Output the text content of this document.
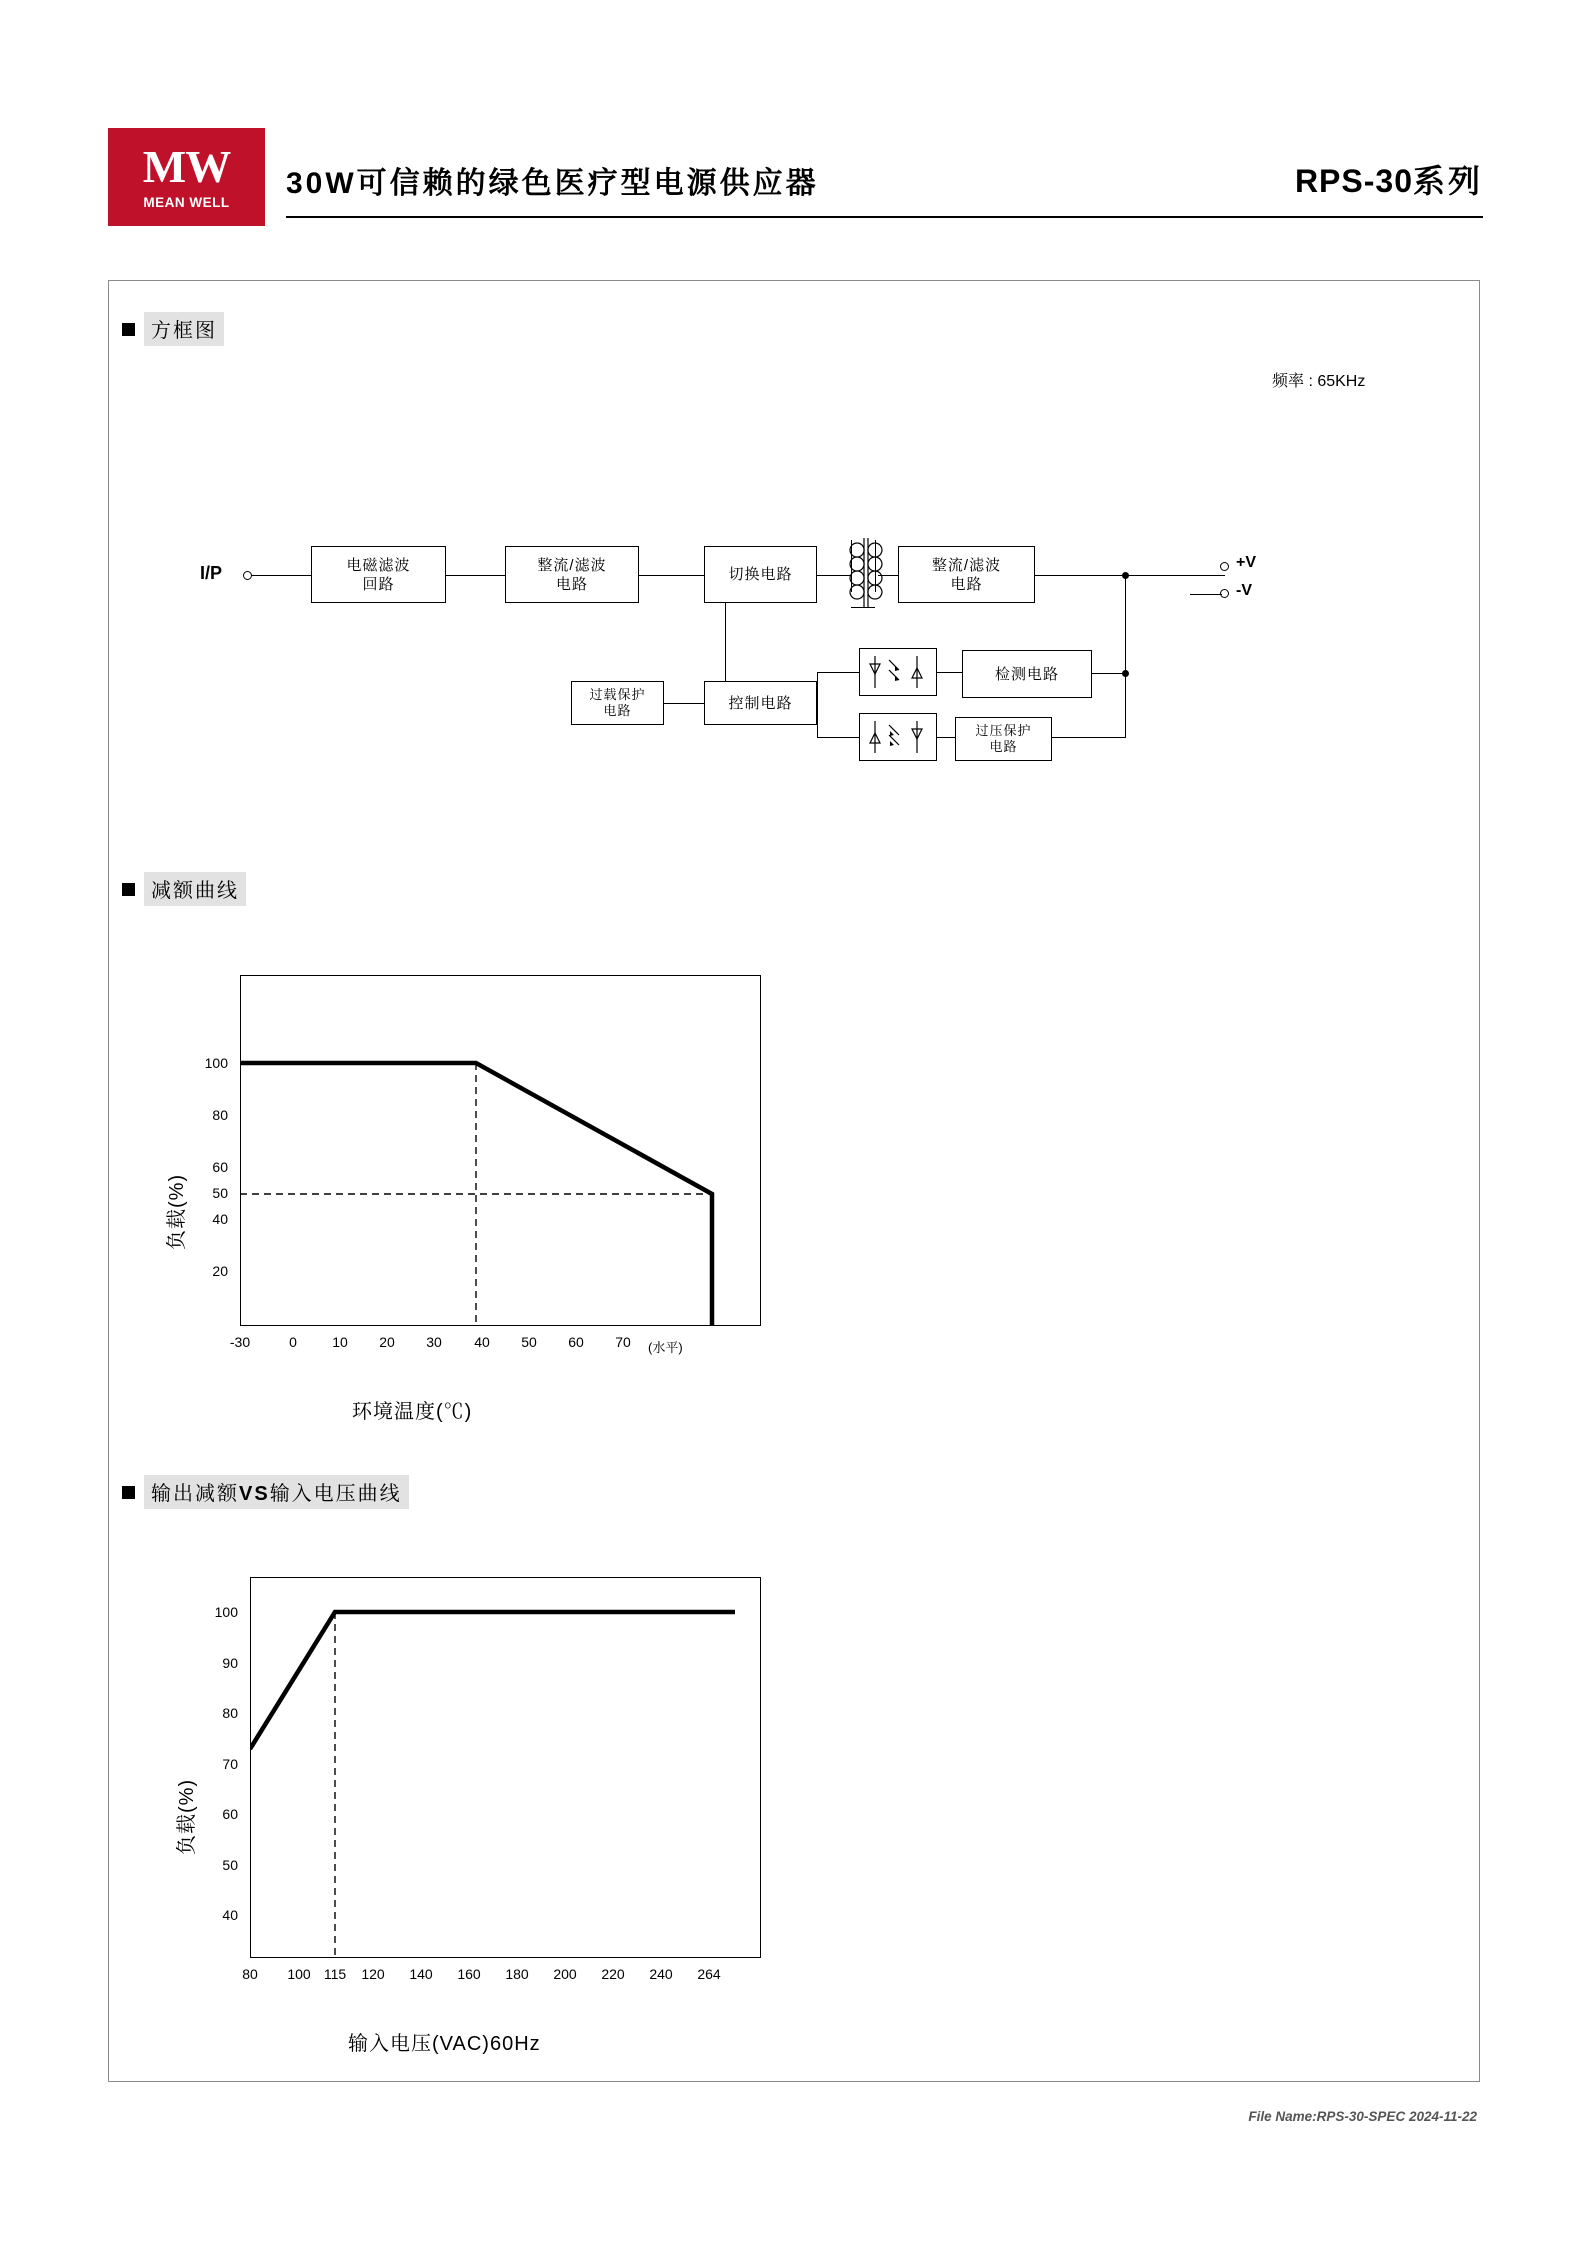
MW
MEAN WELL
30W可信赖的绿色医疗型电源供应器	RPS-30系列
方框图
频率 : 65KHz
I/P	电磁滤波
回路
整流/滤波
电路
切换电路
整流/滤波
电路
+V
-V
控制电路
过载保护
电路
检测电路
过压保护
电路
减额曲线
100
80
60
50
40
20
-30	0	10	20	30	40	50	60	70	(水平)
负载(%)
环境温度(℃)
输出减额VS输入电压曲线
100
90
80
70
60
50
40
80	100 115	120	140	160	180	200	220	240	264
负载(%)
输入电压(VAC)60Hz
File Name:RPS-30-SPEC 2024-11-22
